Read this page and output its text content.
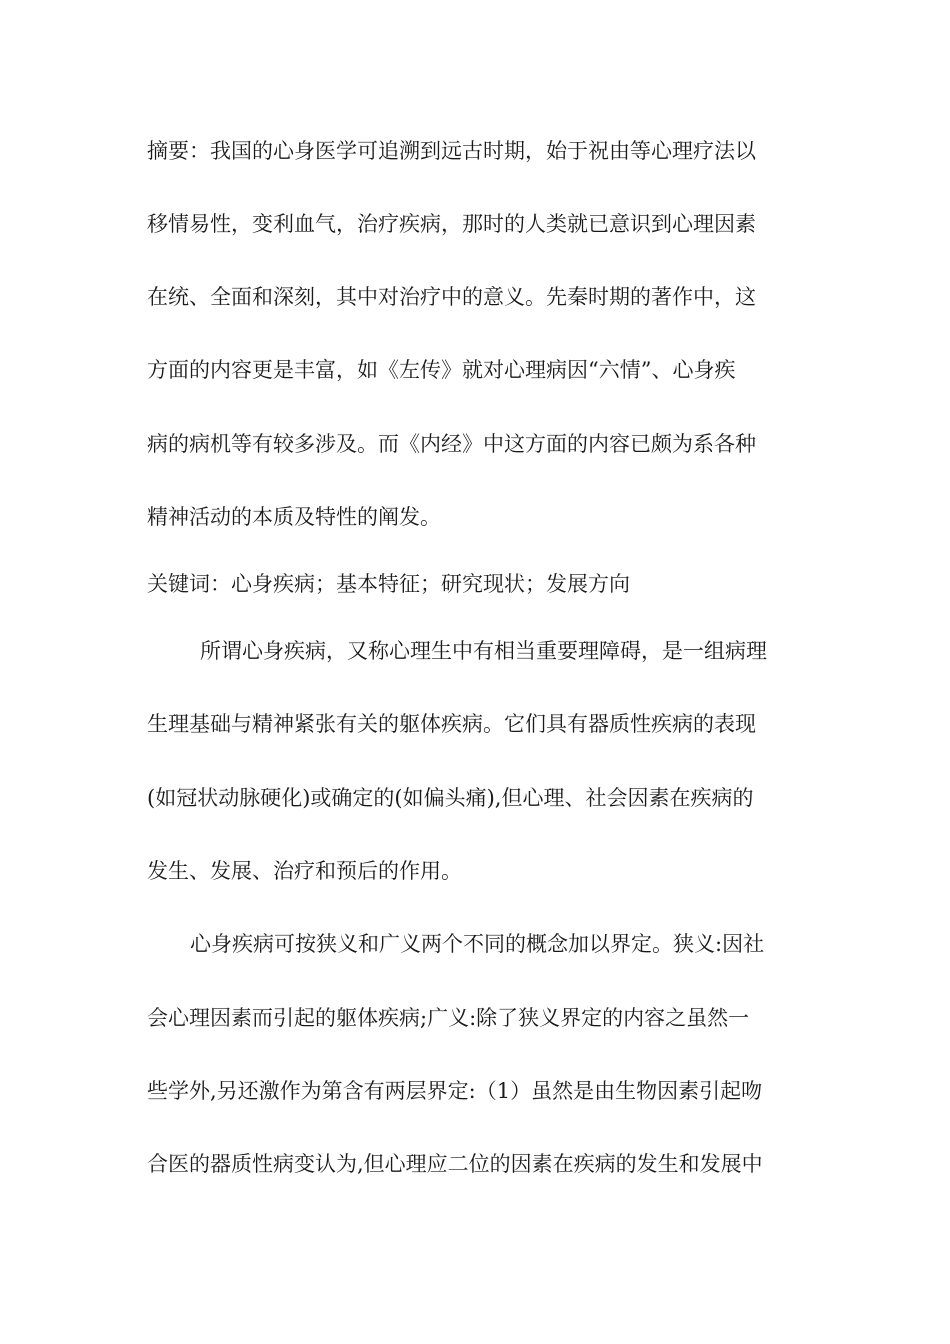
摘要：我国的心身医学可追溯到远古时期，始于祝由等心理疗法以
移情易性，变利血气，治疗疾病，那时的人类就已意识到心理因素
在统、全面和深刻，其中对治疗中的意义。先秦时期的著作中，这
方面的内容更是丰富，如《左传》就对心理病因“六情”、心身疾
病的病机等有较多涉及。而《内经》中这方面的内容已颇为系各种
精神活动的本质及特性的阐发。
关键词：心身疾病；基本特征；研究现状；发展方向
所谓心身疾病，又称心理生中有相当重要理障碍，是一组病理
生理基础与精神紧张有关的躯体疾病。它们具有器质性疾病的表现
(如冠状动脉硬化)或确定的(如偏头痛),但心理、社会因素在疾病的
发生、发展、治疗和预后的作用。
心身疾病可按狭义和广义两个不同的概念加以界定。狭义:因社
会心理因素而引起的躯体疾病;广义:除了狭义界定的内容之虽然一
些学外,另还激作为第含有两层界定:（1）虽然是由生物因素引起吻
合医的器质性病变认为,但心理应二位的因素在疾病的发生和发展中
